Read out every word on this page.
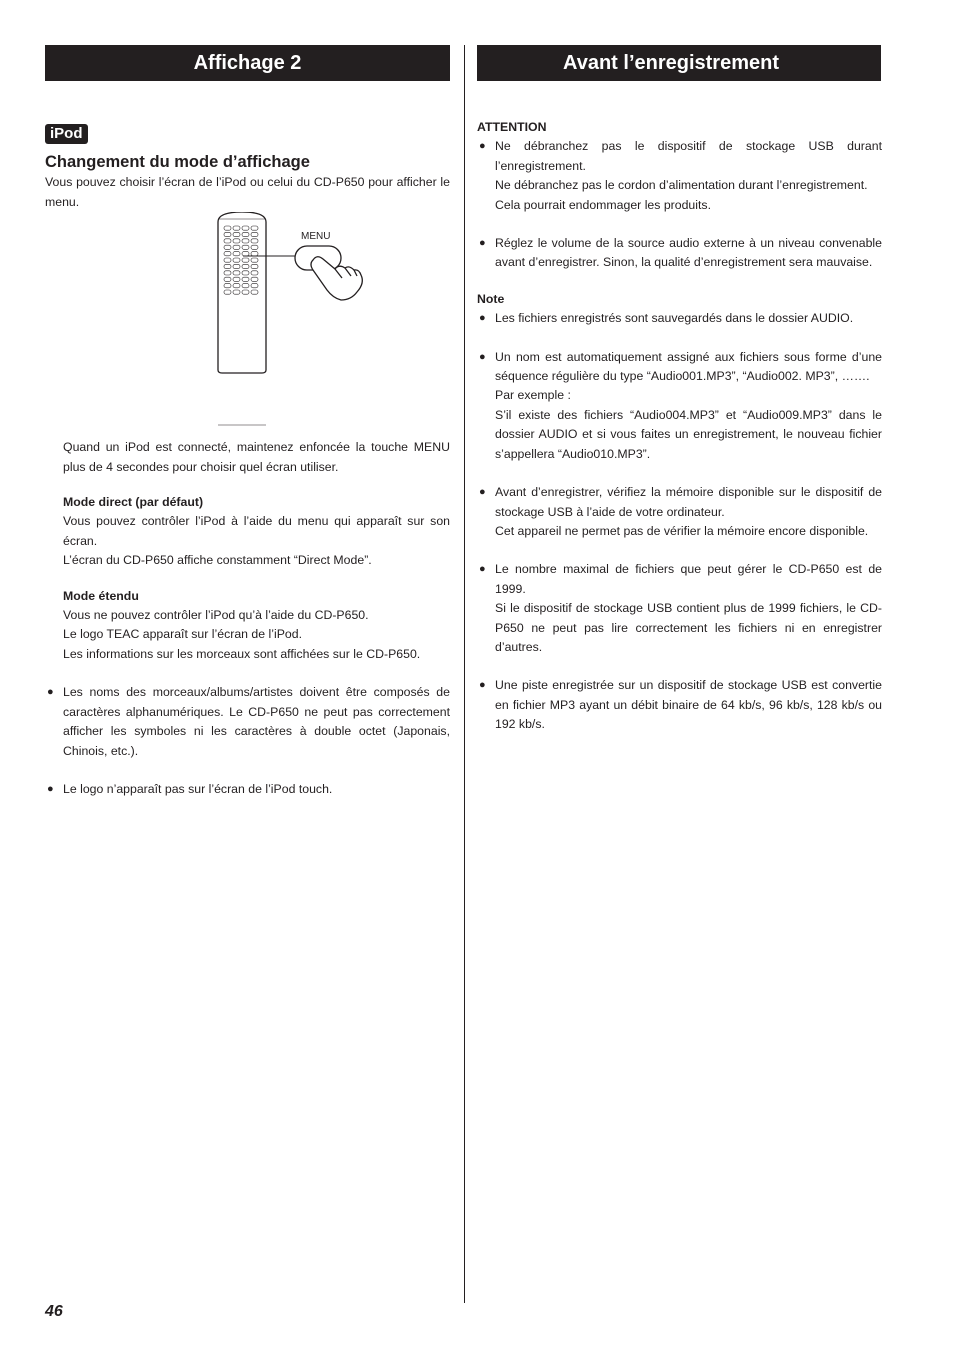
Affichage 2	Avant l’enregistrement
iPod
Changement du mode d’affichage

Vous pouvez choisir l’écran de l’iPod ou celui du CD-P650 pour afficher le menu.

MENU

Quand un iPod est connecté, maintenez enfoncée la touche MENU plus de 4 secondes pour choisir quel écran utiliser.

Mode direct (par défaut)

Vous pouvez contrôler l’iPod à l’aide du menu qui apparaît sur son écran.

L’écran du CD-P650 affiche constamment “Direct Mode”.

Mode étendu

Vous ne pouvez contrôler l’iPod qu’à l’aide du CD-P650.

Le logo TEAC apparaît sur l’écran de l’iPod.

Les informations sur les morceaux sont affichées sur le CD-P650.

● Les noms des morceaux/albums/artistes doivent être composés de caractères alphanumériques. Le CD-P650 ne peut pas correctement afficher les symboles ni les caractères à double octet (Japonais, Chinois, etc.).
● Le logo n’apparaît pas sur l’écran de l’iPod touch.
ATTENTION
● Ne débranchez pas le dispositif de stockage USB durant l’enregistrement.

Ne débranchez pas le cordon d’alimentation durant l’enregistrement.

Cela pourrait endommager les produits.

● Réglez le volume de la source audio externe à un niveau convenable avant d’enregistrer. Sinon, la qualité d’enregistrement sera mauvaise.

Note
● Les fichiers enregistrés sont sauvegardés dans le dossier AUDIO.

● Un nom est automatiquement assigné aux fichiers sous forme d’une séquence régulière du type “Audio001.MP3”, “Audio002. MP3”, …….

Par exemple :

S’il existe des fichiers “Audio004.MP3” et “Audio009.MP3” dans le dossier AUDIO et si vous faites un enregistrement, le nouveau fichier s’appellera “Audio010.MP3”.

● Avant d’enregistrer, vérifiez la mémoire disponible sur le dispositif de stockage USB à l’aide de votre ordinateur.

Cet appareil ne permet pas de vérifier la mémoire encore disponible.

● Le nombre maximal de fichiers que peut gérer le CD-P650 est de 1999.

Si le dispositif de stockage USB contient plus de 1999 fichiers, le CD-P650 ne peut pas lire correctement les fichiers ni en enregistrer d’autres.

● Une piste enregistrée sur un dispositif de stockage USB est convertie en fichier MP3 ayant un débit binaire de 64 kb/s, 96 kb/s, 128 kb/s ou 192 kb/s.

46
